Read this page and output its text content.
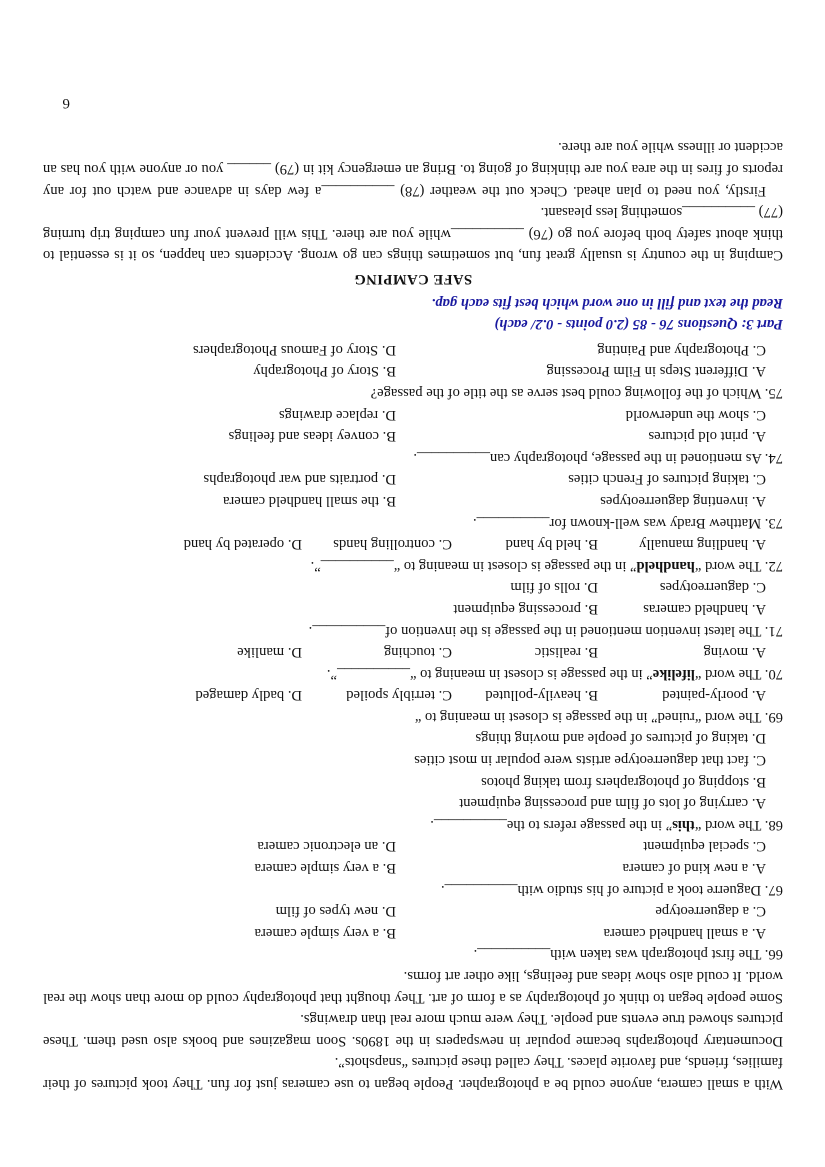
With a small camera, anyone could be a photographer. People began to use cameras just for fun. They took pictures of their families, friends, and favorite places. They called these pictures “snapshots”.

Documentary photographs became popular in newspapers in the 1890s. Soon magazines and books also used them. These pictures showed true events and people. They were much more real than drawings.

Some people began to think of photography as a form of art. They thought that photography could do more than show the real world. It could also show ideas and feelings, like other art forms.

66. The first photograph was taken with__________.

A. a small handheld camera
B. a very simple camera
C. a daguerreotype
D. new types of film

67. Daguerre took a picture of his studio with__________.

A. a new kind of camera
B. a very simple camera
C. special equipment
D. an electronic camera

68. The word “this” in the passage refers to the__________.

A. carrying of lots of film and processing equipment

B. stopping of photographers from taking photos

C. fact that daguerreotype artists were popular in most cities

D. taking of pictures of people and moving things

69. The word “ruined” in the passage is closest in meaning to “

A. poorly-painted
B. heavily-polluted
C. terribly spoiled
D. badly damaged

70. The word “lifelike” in the passage is closest in meaning to “__________”.

A. moving
B. realistic
C. touching
D. manlike

71. The latest invention mentioned in the passage is the invention of__________.

A. handheld cameras
B. processing equipment
C. daguerreotypes
D. rolls of film

72. The word “handheld” in the passage is closest in meaning to “__________”.

A. handling manually
B. held by hand
C. controlling hands
D. operated by hand

73. Matthew Brady was well-known for__________.

A. inventing daguerreotypes
B. the small handheld camera
C. taking pictures of French cities
D. portraits and war photographs

74. As mentioned in the passage, photography can__________.

A. print old pictures
B. convey ideas and feelings
C. show the underworld
D. replace drawings

75. Which of the following could best serve as the title of the passage?

A. Different Steps in Film Processing
B. Story of Photography
C. Photography and Painting
D. Story of Famous Photographers

Part 3: Questions 76 - 85 (2.0 points - 0.2/ each)

Read the text and fill in one word which best fits each gap.

SAFE CAMPING

Camping in the country is usually great fun, but sometimes things can go wrong. Accidents can happen, so it is essential to think about safety both before you go (76) __________while you are there. This will prevent your fun camping trip turning (77) __________something less pleasant.

Firstly, you need to plan ahead. Check out the weather (78) __________a few days in advance and watch out for any reports of fires in the area you are thinking of going to. Bring an emergency kit in (79) ______ you or anyone with you has an accident or illness while you are there.

6
